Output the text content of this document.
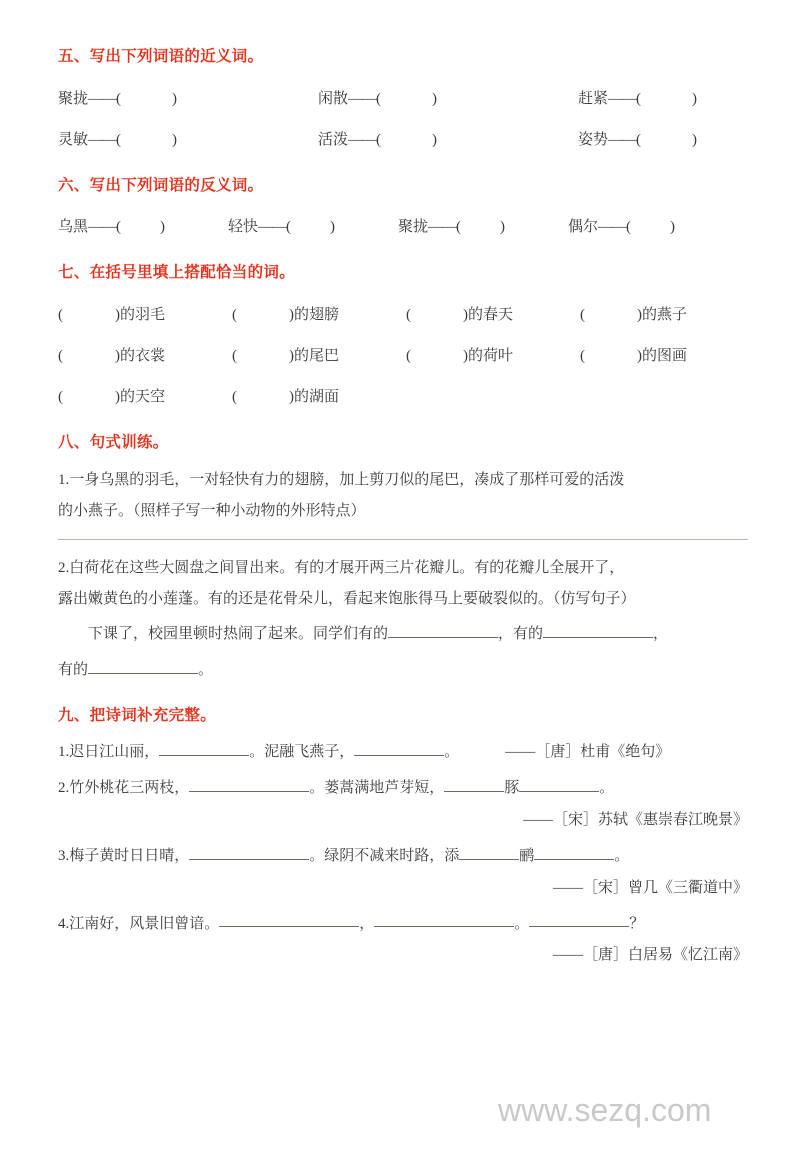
五、写出下列词语的近义词。
聚拢——(	)	闲散——(	)	赶紧——(	)
灵敏——(	)	活泼——(	)	姿势——(	)
六、写出下列词语的反义词。
乌黑——(	)	轻快——(	)	聚拢——(	)	偶尔——(	)
七、在括号里填上搭配恰当的词。
(	)的羽毛	(	)的翅膀	(	)的春天	(	)的燕子
(	)的衣裳	(	)的尾巴	(	)的荷叶	(	)的图画
(	)的天空	(	)的湖面
八、句式训练。
1.一身乌黑的羽毛，一对轻快有力的翅膀，加上剪刀似的尾巴，凑成了那样可爱的活泼
的小燕子。（照样子写一种小动物的外形特点）
2.白荷花在这些大圆盘之间冒出来。有的才展开两三片花瓣儿。有的花瓣儿全展开了，
露出嫩黄色的小莲蓬。有的还是花骨朵儿，看起来饱胀得马上要破裂似的。（仿写句子）
下课了，校园里顿时热闹了起来。同学们有的	，有的	，
有的	。
九、把诗词补充完整。
1.迟日江山丽，	。泥融飞燕子，	。	——［唐］杜甫《绝句》
2.竹外桃花三两枝，	。蒌蒿满地芦芽短，	豚	。
——［宋］苏轼《惠崇春江晚景》
3.梅子黄时日日晴，	。绿阴不减来时路，添	鹂	。
——［宋］曾几《三衢道中》
4.江南好，风景旧曾谙。	，	。	？
——［唐］白居易《忆江南》
www.sezq.com
